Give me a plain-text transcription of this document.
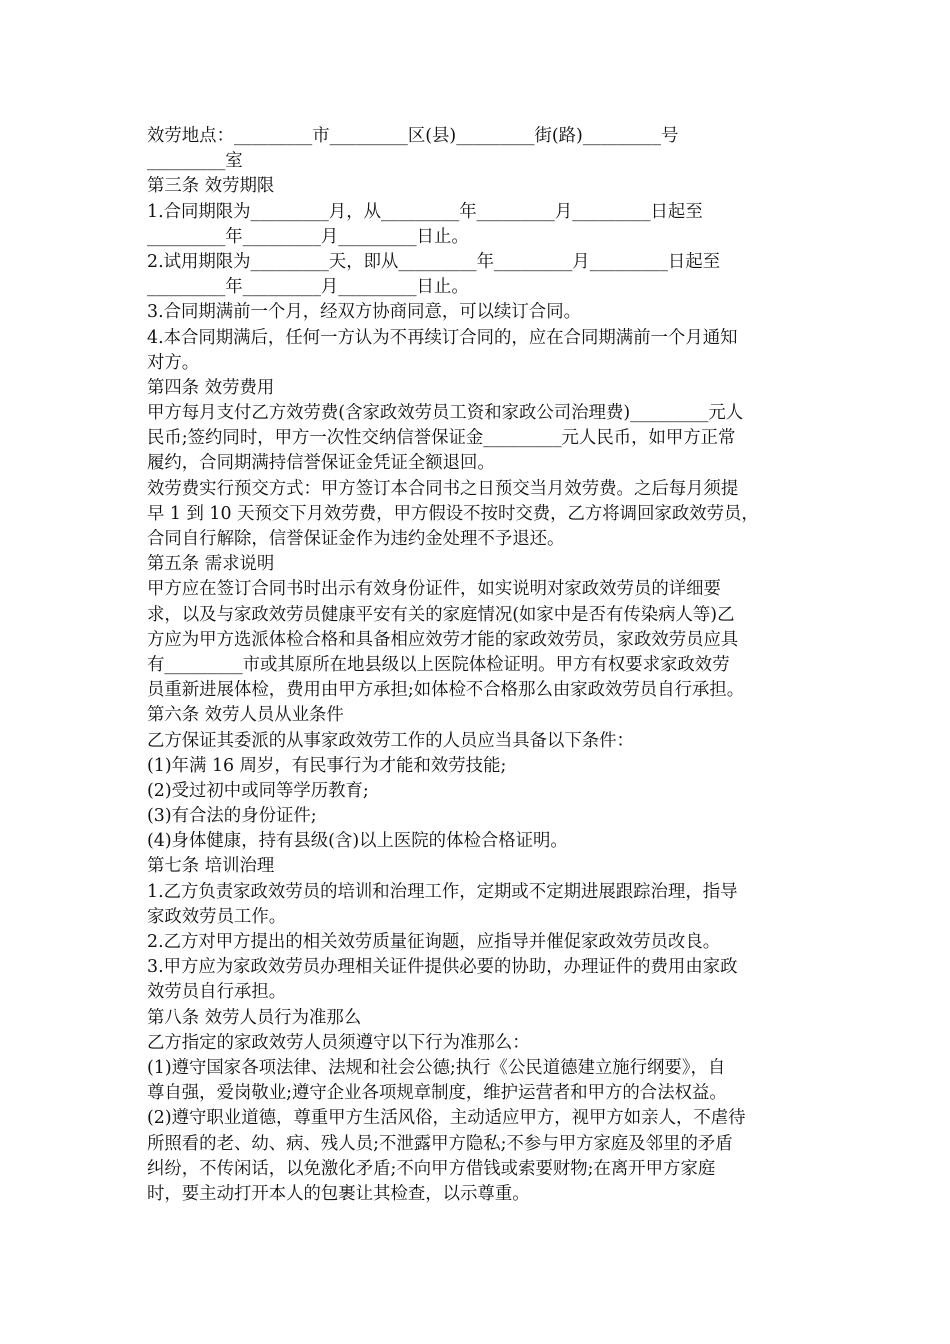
效劳地点：_________市_________区(县)_________街(路)_________号
_________室
第三条 效劳期限
1.合同期限为_________月，从_________年_________月_________日起至
_________年_________月_________日止。
2.试用期限为_________天，即从_________年_________月_________日起至
_________年_________月_________日止。
3.合同期满前一个月，经双方协商同意，可以续订合同。
4.本合同期满后，任何一方认为不再续订合同的，应在合同期满前一个月通知
对方。
第四条 效劳费用
甲方每月支付乙方效劳费(含家政效劳员工资和家政公司治理费)_________元人
民币;签约同时，甲方一次性交纳信誉保证金_________元人民币，如甲方正常
履约，合同期满持信誉保证金凭证全额退回。
效劳费实行预交方式：甲方签订本合同书之日预交当月效劳费。之后每月须提
早 1 到 10 天预交下月效劳费，甲方假设不按时交费，乙方将调回家政效劳员，
合同自行解除，信誉保证金作为违约金处理不予退还。
第五条 需求说明
甲方应在签订合同书时出示有效身份证件，如实说明对家政效劳员的详细要
求，以及与家政效劳员健康平安有关的家庭情况(如家中是否有传染病人等)乙
方应为甲方选派体检合格和具备相应效劳才能的家政效劳员，家政效劳员应具
有_________市或其原所在地县级以上医院体检证明。甲方有权要求家政效劳
员重新进展体检，费用由甲方承担;如体检不合格那么由家政效劳员自行承担。
第六条 效劳人员从业条件
乙方保证其委派的从事家政效劳工作的人员应当具备以下条件：
(1)年满 16 周岁，有民事行为才能和效劳技能;
(2)受过初中或同等学历教育;
(3)有合法的身份证件;
(4)身体健康，持有县级(含)以上医院的体检合格证明。
第七条 培训治理
1.乙方负责家政效劳员的培训和治理工作，定期或不定期进展跟踪治理，指导
家政效劳员工作。
2.乙方对甲方提出的相关效劳质量征询题，应指导并催促家政效劳员改良。
3.甲方应为家政效劳员办理相关证件提供必要的协助，办理证件的费用由家政
效劳员自行承担。
第八条 效劳人员行为准那么
乙方指定的家政效劳人员须遵守以下行为准那么：
(1)遵守国家各项法律、法规和社会公德;执行《公民道德建立施行纲要》，自
尊自强，爱岗敬业;遵守企业各项规章制度，维护运营者和甲方的合法权益。
(2)遵守职业道德，尊重甲方生活风俗，主动适应甲方，视甲方如亲人，不虐待
所照看的老、幼、病、残人员;不泄露甲方隐私;不参与甲方家庭及邻里的矛盾
纠纷，不传闲话，以免激化矛盾;不向甲方借钱或索要财物;在离开甲方家庭
时，要主动打开本人的包裹让其检查，以示尊重。
